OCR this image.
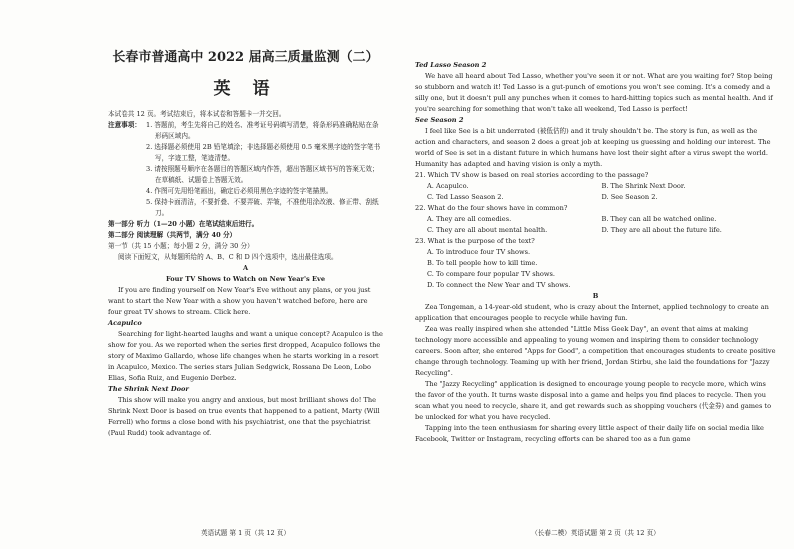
长春市普通高中 2022 届高三质量监测（二）
英 语

本试卷共 12 页。考试结束后，将本试卷和答题卡一并交回。

注意事项： 1. 答题前，考生先将自己的姓名、准考证号码填写清楚，将条形码准确粘贴在条形码区域内。
2. 选择题必须使用 2B 铅笔填涂；非选择题必须使用 0.5 毫米黑字迹的签字笔书写，字迹工整，笔迹清楚。
3. 请按照题号顺序在各题目的答题区域内作答，超出答题区域书写的答案无效；在草稿纸、试题卷上答题无效。
4. 作图可先用铅笔画出，确定后必须用黑色字迹的签字笔描黑。
5. 保持卡面清洁，不要折叠、不要弄破、弄皱，不准使用涂改液、修正带、刮纸刀。

第一部分 听力（1—20 小题）在笔试结束后进行。

第二部分 阅读理解（共两节，满分 40 分）

第一节（共 15 小题；每小题 2 分，满分 30 分）

阅读下面短文，从每题所给的 A、B、C 和 D 四个选项中，选出最佳选项。

A

Four TV Shows to Watch on New Year's Eve

If you are finding yourself on New Year's Eve without any plans, or you just want to start the New Year with a show you haven't watched before, here are four great TV shows to stream. Click here.

Acapulco

Searching for light-hearted laughs and want a unique concept? Acapulco is the show for you. As we reported when the series first dropped, Acapulco follows the story of Maximo Gallardo, whose life changes when he starts working in a resort in Acapulco, Mexico. The series stars Julian Sedgwick, Rossana De Leon, Lobo Elias, Sofia Ruiz, and Eugenio Derbez.

The Shrink Next Door

This show will make you angry and anxious, but most brilliant shows do! The Shrink Next Door is based on true events that happened to a patient, Marty (Will Ferrell) who forms a close bond with his psychiatrist, one that the psychiatrist (Paul Rudd) took advantage of.

英语试题 第 1 页（共 12 页）

Ted Lasso Season 2

We have all heard about Ted Lasso, whether you've seen it or not. What are you waiting for? Stop being so stubborn and watch it! Ted Lasso is a gut-punch of emotions you won't see coming. It's a comedy and a silly one, but it doesn't pull any punches when it comes to hard-hitting topics such as mental health. And if you're searching for something that won't take all weekend, Ted Lasso is perfect!

See Season 2

I feel like See is a bit underrated (被低估的) and it truly shouldn't be. The story is fun, as well as the action and characters, and season 2 does a great job at keeping us guessing and holding our interest. The world of See is set in a distant future in which humans have lost their sight after a virus swept the world. Humanity has adapted and having vision is only a myth.

21. Which TV show is based on real stories according to the passage?

A. Acapulco.	B. The Shrink Next Door.
C. Ted Lasso Season 2.	D. See Season 2.

22. What do the four shows have in common?

A. They are all comedies.	B. They can all be watched online.
C. They are all about mental health.	D. They are all about the future life.

23. What is the purpose of the text?

A. To introduce four TV shows.

B. To tell people how to kill time.

C. To compare four popular TV shows.

D. To connect the New Year and TV shows.

B

Zea Tongeman, a 14-year-old student, who is crazy about the Internet, applied technology to create an application that encourages people to recycle while having fun.

Zea was really inspired when she attended "Little Miss Geek Day", an event that aims at making technology more accessible and appealing to young women and inspiring them to consider technology careers. Soon after, she entered "Apps for Good", a competition that encourages students to create positive change through technology. Teaming up with her friend, Jordan Stirbu, she laid the foundations for "Jazzy Recycling".

The "Jazzy Recycling" application is designed to encourage young people to recycle more, which wins the favor of the youth. It turns waste disposal into a game and helps you find places to recycle. Then you scan what you need to recycle, share it, and get rewards such as shopping vouchers (代金券) and games to be unlocked for what you have recycled.

Tapping into the teen enthusiasm for sharing every little aspect of their daily life on social media like Facebook, Twitter or Instagram, recycling efforts can be shared too as a fun game

（长春二模）英语试题 第 2 页（共 12 页）
